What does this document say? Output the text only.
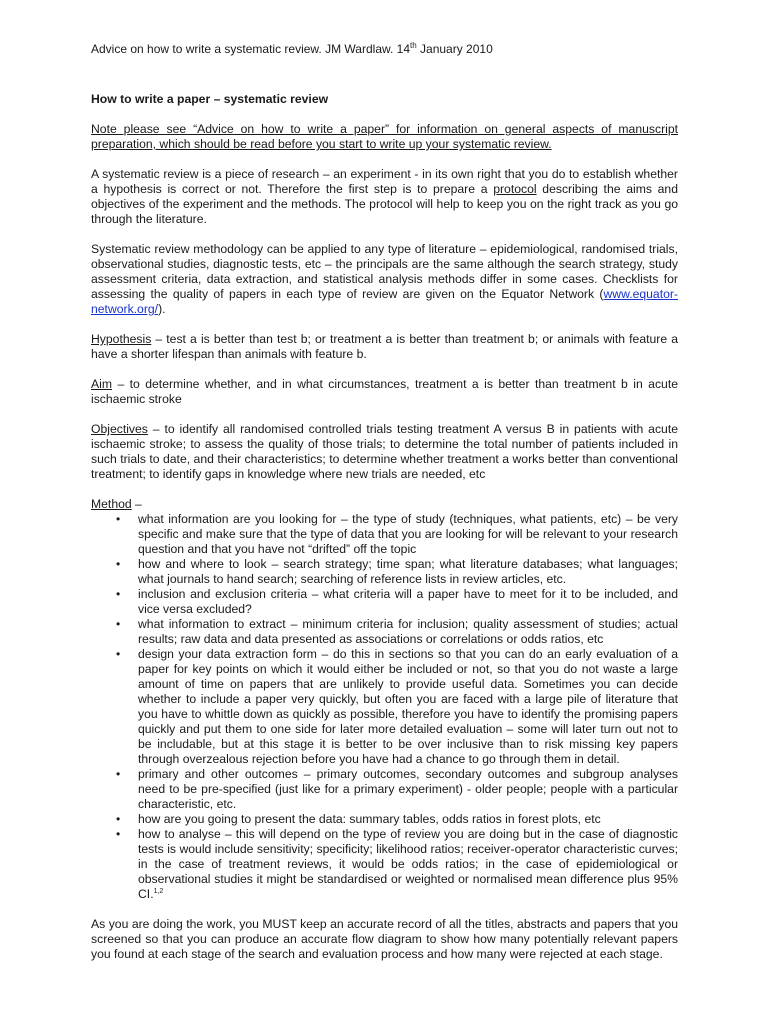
Advice on how to write a systematic review. JM Wardlaw. 14th January 2010
How to write a paper – systematic review

Note please see “Advice on how to write a paper” for information on general aspects of manuscript preparation, which should be read before you start to write up your systematic review.

A systematic review is a piece of research – an experiment - in its own right that you do to establish whether a hypothesis is correct or not. Therefore the first step is to prepare a protocol describing the aims and objectives of the experiment and the methods. The protocol will help to keep you on the right track as you go through the literature.

Systematic review methodology can be applied to any type of literature – epidemiological, randomised trials, observational studies, diagnostic tests, etc – the principals are the same although the search strategy, study assessment criteria, data extraction, and statistical analysis methods differ in some cases. Checklists for assessing the quality of papers in each type of review are given on the Equator Network (www.equator-network.org/).

Hypothesis – test a is better than test b; or treatment a is better than treatment b; or animals with feature a have a shorter lifespan than animals with feature b.

Aim – to determine whether, and in what circumstances, treatment a is better than treatment b in acute ischaemic stroke

Objectives – to identify all randomised controlled trials testing treatment A versus B in patients with acute ischaemic stroke; to assess the quality of those trials; to determine the total number of patients included in such trials to date, and their characteristics; to determine whether treatment a works better than conventional treatment; to identify gaps in knowledge where new trials are needed, etc

Method –
• what information are you looking for – the type of study (techniques, what patients, etc) – be very specific and make sure that the type of data that you are looking for will be relevant to your research question and that you have not “drifted” off the topic
• how and where to look – search strategy; time span; what literature databases; what languages; what journals to hand search; searching of reference lists in review articles, etc.
• inclusion and exclusion criteria – what criteria will a paper have to meet for it to be included, and vice versa excluded?
• what information to extract – minimum criteria for inclusion; quality assessment of studies; actual results; raw data and data presented as associations or correlations or odds ratios, etc
• design your data extraction form – do this in sections so that you can do an early evaluation of a paper for key points on which it would either be included or not, so that you do not waste a large amount of time on papers that are unlikely to provide useful data. Sometimes you can decide whether to include a paper very quickly, but often you are faced with a large pile of literature that you have to whittle down as quickly as possible, therefore you have to identify the promising papers quickly and put them to one side for later more detailed evaluation – some will later turn out not to be includable, but at this stage it is better to be over inclusive than to risk missing key papers through overzealous rejection before you have had a chance to go through them in detail.
• primary and other outcomes – primary outcomes, secondary outcomes and subgroup analyses need to be pre-specified (just like for a primary experiment) - older people; people with a particular characteristic, etc.
• how are you going to present the data: summary tables, odds ratios in forest plots, etc
• how to analyse – this will depend on the type of review you are doing but in the case of diagnostic tests is would include sensitivity; specificity; likelihood ratios; receiver-operator characteristic curves; in the case of treatment reviews, it would be odds ratios; in the case of epidemiological or observational studies it might be standardised or weighted or normalised mean difference plus 95% CI.$^{1,2}$

As you are doing the work, you MUST keep an accurate record of all the titles, abstracts and papers that you screened so that you can produce an accurate flow diagram to show how many potentially relevant papers you found at each stage of the search and evaluation process and how many were rejected at each stage.
